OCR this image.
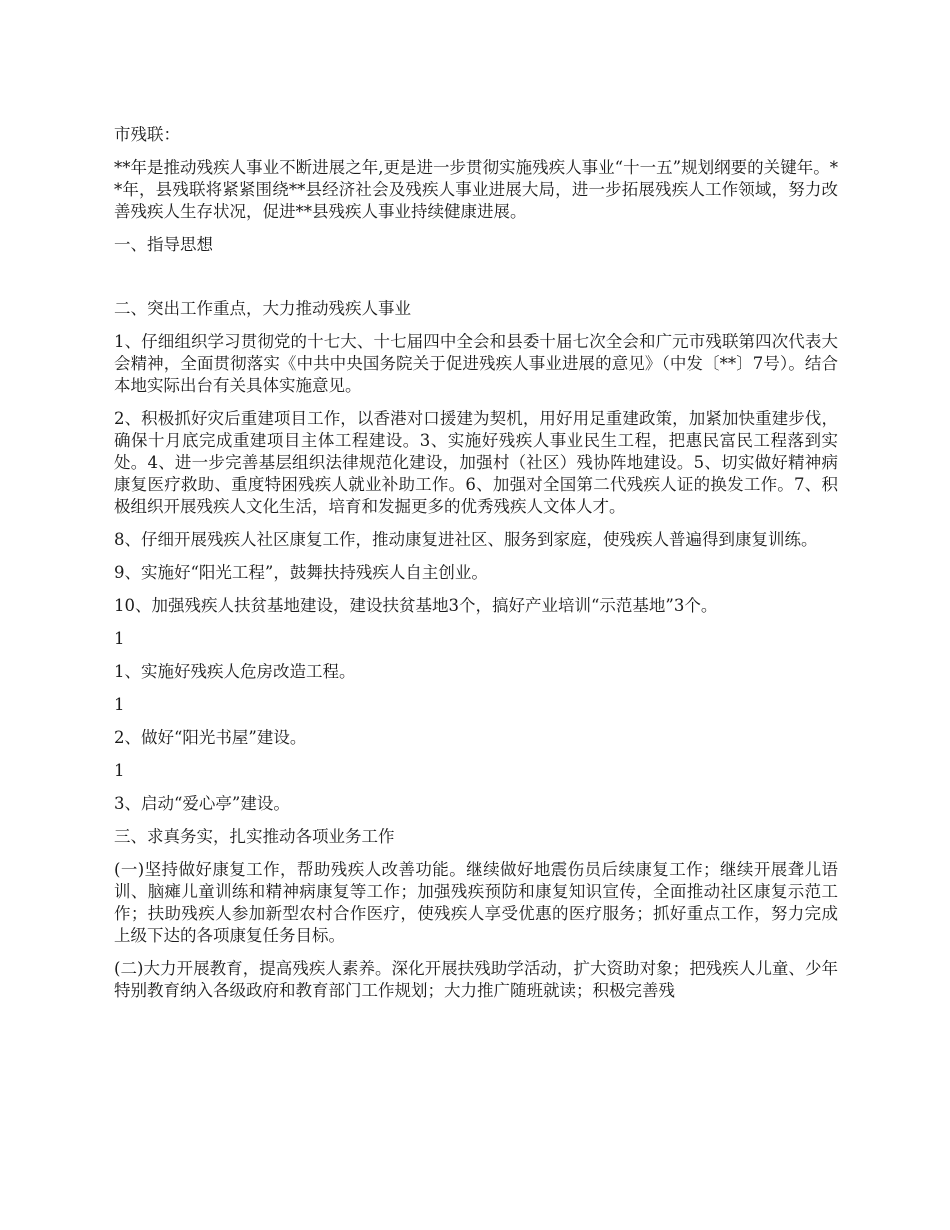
市残联：

**年是推动残疾人事业不断进展之年,更是进一步贯彻实施残疾人事业“十一五”规划纲要的关键年。**年，县残联将紧紧围绕**县经济社会及残疾人事业进展大局，进一步拓展残疾人工作领域，努力改善残疾人生存状况，促进**县残疾人事业持续健康进展。

一、指导思想

二、突出工作重点，大力推动残疾人事业

1、仔细组织学习贯彻党的十七大、十七届四中全会和县委十届七次全会和广元市残联第四次代表大会精神，全面贯彻落实《中共中央国务院关于促进残疾人事业进展的意见》（中发〔**〕7号）。结合本地实际出台有关具体实施意见。

2、积极抓好灾后重建项目工作，以香港对口援建为契机，用好用足重建政策，加紧加快重建步伐，确保十月底完成重建项目主体工程建设。3、实施好残疾人事业民生工程，把惠民富民工程落到实处。4、进一步完善基层组织法律规范化建设，加强村（社区）残协阵地建设。5、切实做好精神病康复医疗救助、重度特困残疾人就业补助工作。6、加强对全国第二代残疾人证的换发工作。7、积极组织开展残疾人文化生活，培育和发掘更多的优秀残疾人文体人才。

8、仔细开展残疾人社区康复工作，推动康复进社区、服务到家庭，使残疾人普遍得到康复训练。

9、实施好“阳光工程”，鼓舞扶持残疾人自主创业。

10、加强残疾人扶贫基地建设，建设扶贫基地3个，搞好产业培训“示范基地”3个。

1

1、实施好残疾人危房改造工程。

1

2、做好“阳光书屋”建设。

1

3、启动“爱心亭”建设。

三、求真务实，扎实推动各项业务工作

(一)坚持做好康复工作，帮助残疾人改善功能。继续做好地震伤员后续康复工作；继续开展聋儿语训、脑瘫儿童训练和精神病康复等工作；加强残疾预防和康复知识宣传，全面推动社区康复示范工作；扶助残疾人参加新型农村合作医疗，使残疾人享受优惠的医疗服务；抓好重点工作，努力完成上级下达的各项康复任务目标。

(二)大力开展教育，提高残疾人素养。深化开展扶残助学活动，扩大资助对象；把残疾人儿童、少年特别教育纳入各级政府和教育部门工作规划；大力推广随班就读；积极完善残
